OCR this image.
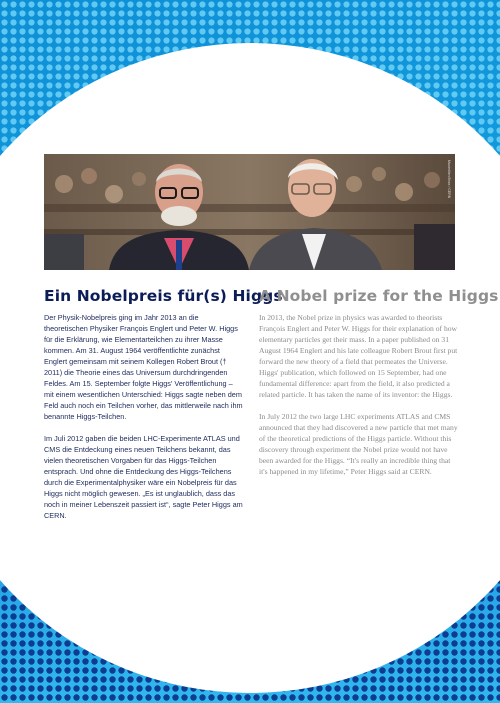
Maximilien Brice / CERN
Ein Nobelpreis für(s) Higgs
A Nobel prize for the Higgs

Der Physik-Nobelpreis ging im Jahr 2013 an die theoretischen Physiker François Englert und Peter W. Higgs für die Erklärung, wie Elementarteilchen zu ihrer Masse kommen. Am 31. August 1964 veröffentlichte zunächst Englert gemeinsam mit seinem Kollegen Robert Brout († 2011) die Theorie eines das Universum durchdringenden Feldes. Am 15. September folgte Higgs' Veröffentlichung – mit einem wesentlichen Unterschied: Higgs sagte neben dem Feld auch noch ein Teilchen vorher, das mittlerweile nach ihm benannte Higgs-Teilchen.

Im Juli 2012 gaben die beiden LHC-Experimente ATLAS und CMS die Entdeckung eines neuen Teilchens bekannt, das vielen theoretischen Vorgaben für das Higgs-Teilchen entsprach. Und ohne die Entdeckung des Higgs-Teilchens durch die Experimentalphysiker wäre ein Nobelpreis für das Higgs nicht möglich gewesen. „Es ist unglaublich, dass das noch in meiner Lebenszeit passiert ist“, sagte Peter Higgs am CERN.

In 2013, the Nobel prize in physics was awarded to theorists François Englert and Peter W. Higgs for their explanation of how elementary particles get their mass. In a paper published on 31 August 1964 Englert and his late colleague Robert Brout first put forward the new theory of a field that permeates the Universe. Higgs' publication, which followed on 15 September, had one fundamental difference: apart from the field, it also predicted a related particle. It has taken the name of its inventor: the Higgs.

In July 2012 the two large LHC experiments ATLAS and CMS announced that they had discovered a new particle that met many of the theoretical predictions of the Higgs particle. Without this discovery through experiment the Nobel prize would not have been awarded for the Higgs. “It's really an incredible thing that it's happened in my lifetime,” Peter Higgs said at CERN.
